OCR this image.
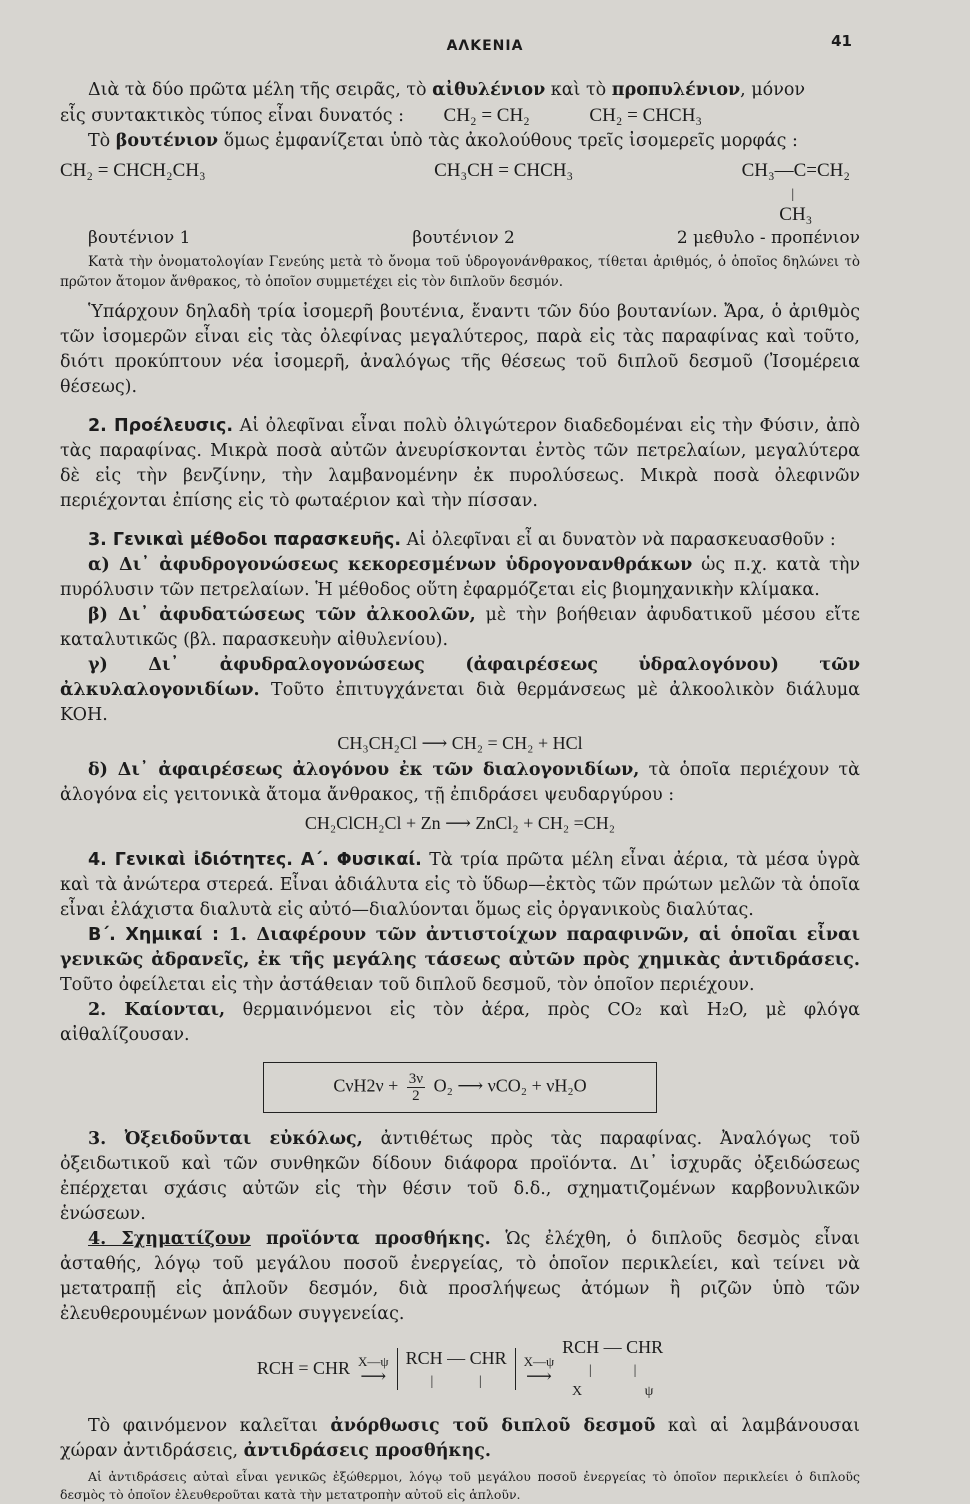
ΑΛΚΕΝΙΑ	41

Διὰ τὰ δύο πρῶτα μέλη τῆς σειρᾶς, τὸ αἰθυλένιον καὶ τὸ προπυλένιον, μόνον

εἷς συντακτικὸς τύπος εἶναι δυνατός : CH₂ = CH₂	CH₂ = CHCH₃

Τὸ βουτένιον ὅμως ἐμφανίζεται ὑπὸ τὰς ἀκολούθους τρεῖς ἰσομερεῖς μορφάς :

CH₂ = CHCH₂CH₃	CH₃CH = CHCH₃	CH₃—C=CH₂
|
CH₃
βουτένιον 1	βουτένιον 2	2 μεθυλο - προπένιον

Κατὰ τὴν ὀνοματολογίαν Γενεύης μετὰ τὸ ὄνομα τοῦ ὑδρογονάνθρακος, τίθεται ἀριθμός, ὁ ὁποῖος δηλώνει τὸ πρῶτον ἄτομον ἄνθρακος, τὸ ὁποῖον συμμετέχει εἰς τὸν διπλοῦν δεσμόν.

Ὑπάρχουν δηλαδὴ τρία ἰσομερῆ βουτένια, ἔναντι τῶν δύο βουτανίων. Ἄρα, ὁ ἀριθμὸς τῶν ἰσομερῶν εἶναι εἰς τὰς ὀλεφίνας μεγαλύτερος, παρὰ εἰς τὰς παραφίνας καὶ τοῦτο, διότι προκύπτουν νέα ἰσομερῆ, ἀναλόγως τῆς θέσεως τοῦ διπλοῦ δεσμοῦ (Ἰσομέρεια θέσεως).

2. Προέλευσις. Αἱ ὀλεφῖναι εἶναι πολὺ ὀλιγώτερον διαδεδομέναι εἰς τὴν Φύσιν, ἀπὸ τὰς παραφίνας. Μικρὰ ποσὰ αὐτῶν ἀνευρίσκονται ἐντὸς τῶν πετρελαίων, μεγαλύτερα δὲ εἰς τὴν βενζίνην, τὴν λαμβανομένην ἐκ πυρολύσεως. Μικρὰ ποσὰ ὀλεφινῶν περιέχονται ἐπίσης εἰς τὸ φωταέριον καὶ τὴν πίσσαν.

3. Γενικαὶ μέθοδοι παρασκευῆς. Αἱ ὀλεφῖναι εἶ αι δυνατὸν νὰ παρασκευασθοῦν :

α) Δι᾽ ἀφυδρογονώσεως κεκορεσμένων ὑδρογονανθράκων ὡς π.χ. κατὰ τὴν πυρόλυσιν τῶν πετρελαίων. Ἡ μέθοδος οὕτη ἐφαρμόζεται εἰς βιομηχανικὴν κλίμακα.

β) Δι᾽ ἀφυδατώσεως τῶν ἀλκοολῶν, μὲ τὴν βοήθειαν ἀφυδατικοῦ μέσου εἴτε καταλυτικῶς (βλ. παρασκευὴν αἰθυλενίου).

γ) Δι᾽ ἀφυδραλογονώσεως (ἀφαιρέσεως ὑδραλογόνου) τῶν ἀλκυλαλογονιδίων. Τοῦτο ἐπιτυγχάνεται διὰ θερμάνσεως μὲ ἀλκοολικὸν διάλυμα KOH.

CH₃CH₂Cl ⟶ CH₂ = CH₂ + HCl

δ) Δι᾽ ἀφαιρέσεως ἀλογόνου ἐκ τῶν διαλογονιδίων, τὰ ὁποῖα περιέχουν τὰ ἀλογόνα εἰς γειτονικὰ ἄτομα ἄνθρακος, τῇ ἐπιδράσει ψευδαργύρου :

CH₂ClCH₂Cl + Zn ⟶ ZnCl₂ + CH₂ =CH₂

4. Γενικαὶ ἰδιότητες. Α΄. Φυσικαί. Τὰ τρία πρῶτα μέλη εἶναι ἀέρια, τὰ μέσα ὑγρὰ καὶ τὰ ἀνώτερα στερεά. Εἶναι ἀδιάλυτα εἰς τὸ ὕδωρ—ἐκτὸς τῶν πρώτων μελῶν τὰ ὁποῖα εἶναι ἐλάχιστα διαλυτὰ εἰς αὐτό—διαλύονται ὅμως εἰς ὀργανικοὺς διαλύτας.

Β΄. Χημικαί : 1. Διαφέρουν τῶν ἀντιστοίχων παραφινῶν, αἱ ὁποῖαι εἶναι γενικῶς ἀδρανεῖς, ἐκ τῆς μεγάλης τάσεως αὐτῶν πρὸς χημικὰς ἀντιδράσεις. Τοῦτο ὀφείλεται εἰς τὴν ἀστάθειαν τοῦ διπλοῦ δεσμοῦ, τὸν ὁποῖον περιέχουν.

2. Καίονται, θερμαινόμενοι εἰς τὸν ἀέρα, πρὸς CO₂ καὶ H₂O, μὲ φλόγα αἰθαλίζουσαν.

$C\nu H2\nu + \frac{3\nu}{2} O_2$ ⟶ νCO₂ + νH₂O

3. Ὀξειδοῦνται εὐκόλως, ἀντιθέτως πρὸς τὰς παραφίνας. Ἀναλόγως τοῦ ὀξειδωτικοῦ καὶ τῶν συνθηκῶν δίδουν διάφορα προϊόντα. Δι᾽ ἰσχυρᾶς ὀξειδώσεως ἐπέρχεται σχάσις αὐτῶν εἰς τὴν θέσιν τοῦ δ.δ., σχηματιζομένων καρβονυλικῶν ἑνώσεων.

4. Σχηματίζουν προϊόντα προσθήκης. Ὡς ἐλέχθη, ὁ διπλοῦς δεσμὸς εἶναι ἀσταθής, λόγῳ τοῦ μεγάλου ποσοῦ ἐνεργείας, τὸ ὁποῖον περικλείει, καὶ τείνει νὰ μετατραπῇ εἰς ἁπλοῦν δεσμόν, διὰ προσλήψεως ἀτόμων ἢ ριζῶν ὑπὸ τῶν ἐλευθερουμένων μονάδων συγγενείας.

RCH = CHR X—ψ
⟶
RCH — CHR
|             |
X—ψ
⟶
RCH — CHR
|            |
X	ψ

Τὸ φαινόμενον καλεῖται ἀνόρθωσις τοῦ διπλοῦ δεσμοῦ καὶ αἱ λαμβάνουσαι χώραν ἀντιδράσεις, ἀντιδράσεις προσθήκης.

Αἱ ἀντιδράσεις αὐταὶ εἶναι γενικῶς ἐξώθερμοι, λόγῳ τοῦ μεγάλου ποσοῦ ἐνεργείας τὸ ὁποῖον περικλείει ὁ διπλοῦς δεσμὸς τὸ ὁποῖον ἐλευθεροῦται κατὰ τὴν μετατροπὴν αὐτοῦ εἰς ἁπλοῦν.
